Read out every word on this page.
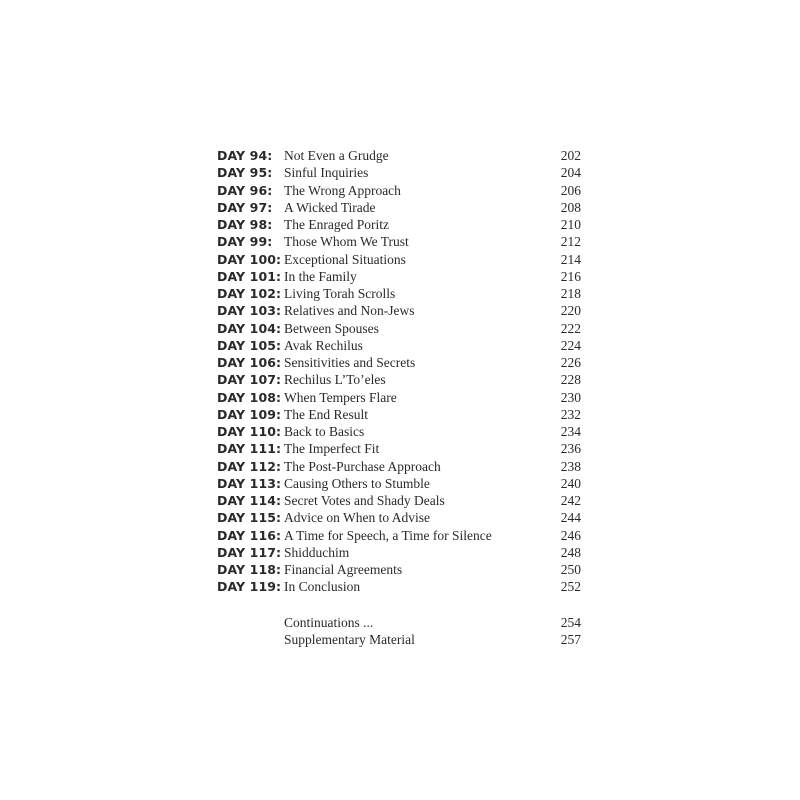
DAY 94: Not Even a Grudge	202
DAY 95: Sinful Inquiries	204
DAY 96: The Wrong Approach	206
DAY 97: A Wicked Tirade	208
DAY 98: The Enraged Poritz	210
DAY 99: Those Whom We Trust	212
DAY 100: Exceptional Situations	214
DAY 101: In the Family	216
DAY 102: Living Torah Scrolls	218
DAY 103: Relatives and Non-Jews	220
DAY 104: Between Spouses	222
DAY 105: Avak Rechilus	224
DAY 106: Sensitivities and Secrets	226
DAY 107: Rechilus L’To’eles	228
DAY 108: When Tempers Flare	230
DAY 109: The End Result	232
DAY 110: Back to Basics	234
DAY 111: The Imperfect Fit	236
DAY 112: The Post-Purchase Approach	238
DAY 113: Causing Others to Stumble	240
DAY 114: Secret Votes and Shady Deals	242
DAY 115: Advice on When to Advise	244
DAY 116: A Time for Speech, a Time for Silence	246
DAY 117: Shidduchim	248
DAY 118: Financial Agreements	250
DAY 119: In Conclusion	252
Continuations ...	254
Supplementary Material	257
